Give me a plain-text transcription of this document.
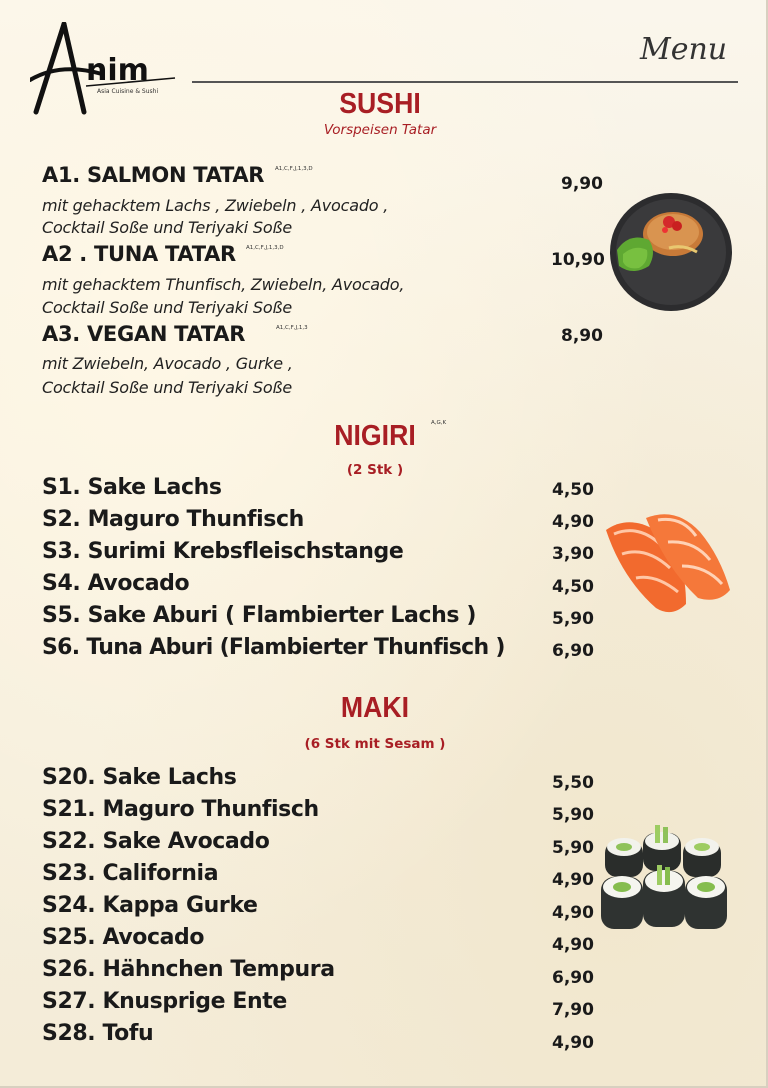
nim
Asia Cuisine & Sushi
Menu
SUSHI
Vorspeisen Tatar
A1. SALMON TATAR A1,C,F,J,1,3,D
9,90
mit gehacktem Lachs , Zwiebeln , Avocado ,
Cocktail Soße und Teriyaki Soße
A2 . TUNA TATAR A1,C,F,J,1,3,D
10,90
mit gehacktem Thunfisch, Zwiebeln, Avocado,
Cocktail Soße und Teriyaki Soße
A3. VEGAN TATAR	A1,C,F,J,1,3	8,90
mit Zwiebeln, Avocado , Gurke ,
Cocktail Soße und Teriyaki Soße
NIGIRI	A,G,K
(2 Stk )
S1. Sake Lachs	4,50
S2. Maguro Thunfisch	4,90
S3. Surimi Krebsfleischstange	3,90
S4. Avocado	4,50
S5. Sake Aburi ( Flambierter Lachs )	5,90
S6. Tuna Aburi (Flambierter Thunfisch )	6,90
MAKI
(6 Stk mit Sesam )
S20. Sake Lachs	5,50
S21. Maguro Thunfisch	5,90
S22. Sake Avocado	5,90
S23. California	4,90
S24. Kappa Gurke	4,90
S25. Avocado	4,90
S26. Hähnchen Tempura	6,90
S27. Knusprige Ente	7,90
S28. Tofu	4,90
